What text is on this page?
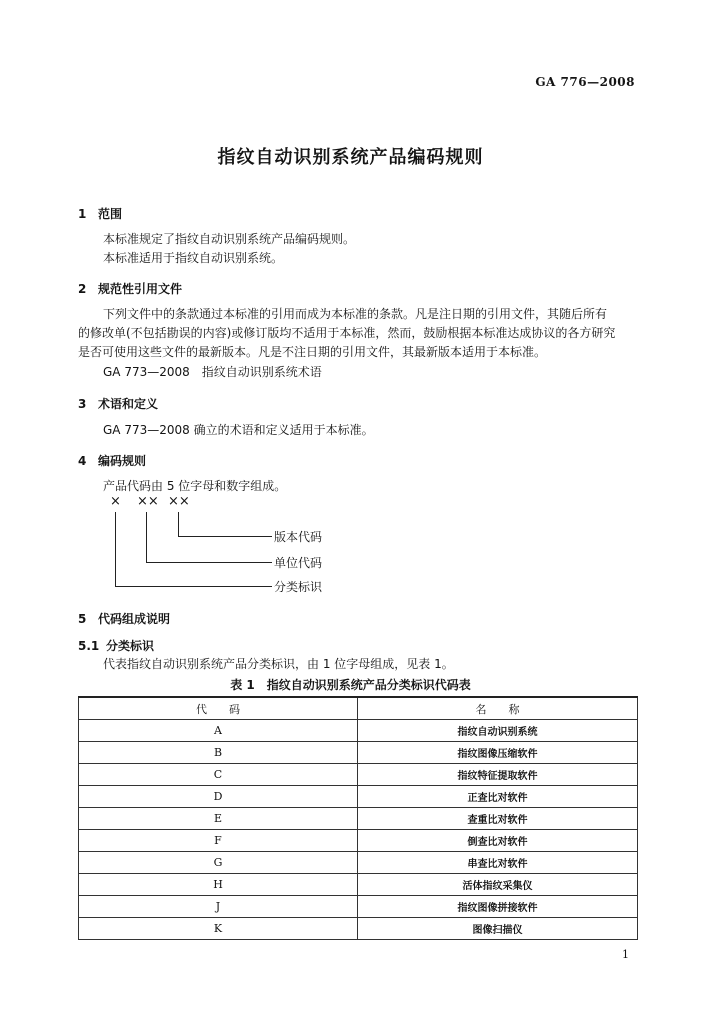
GA 776—2008
指纹自动识别系统产品编码规则
1 范围
本标准规定了指纹自动识别系统产品编码规则。
本标准适用于指纹自动识别系统。
2 规范性引用文件
下列文件中的条款通过本标准的引用而成为本标准的条款。凡是注日期的引用文件，其随后所有
的修改单(不包括勘误的内容)或修订版均不适用于本标准，然而，鼓励根据本标准达成协议的各方研究
是否可使用这些文件的最新版本。凡是不注日期的引用文件，其最新版本适用于本标准。
GA 773—2008　指纹自动识别系统术语
3 术语和定义
GA 773—2008 确立的术语和定义适用于本标准。
4 编码规则
产品代码由 5 位字母和数字组成。
× ×× ××
版本代码
单位代码
分类标识
5 代码组成说明
5.1 分类标识
代表指纹自动识别系统产品分类标识，由 1 位字母组成，见表 1。
表 1　指纹自动识别系统产品分类标识代码表
代　　码	名　　称
A	指纹自动识别系统
B	指纹图像压缩软件
C	指纹特征提取软件
D	正查比对软件
E	查重比对软件
F	倒查比对软件
G	串查比对软件
H	活体指纹采集仪
J	指纹图像拼接软件
K	图像扫描仪
1
